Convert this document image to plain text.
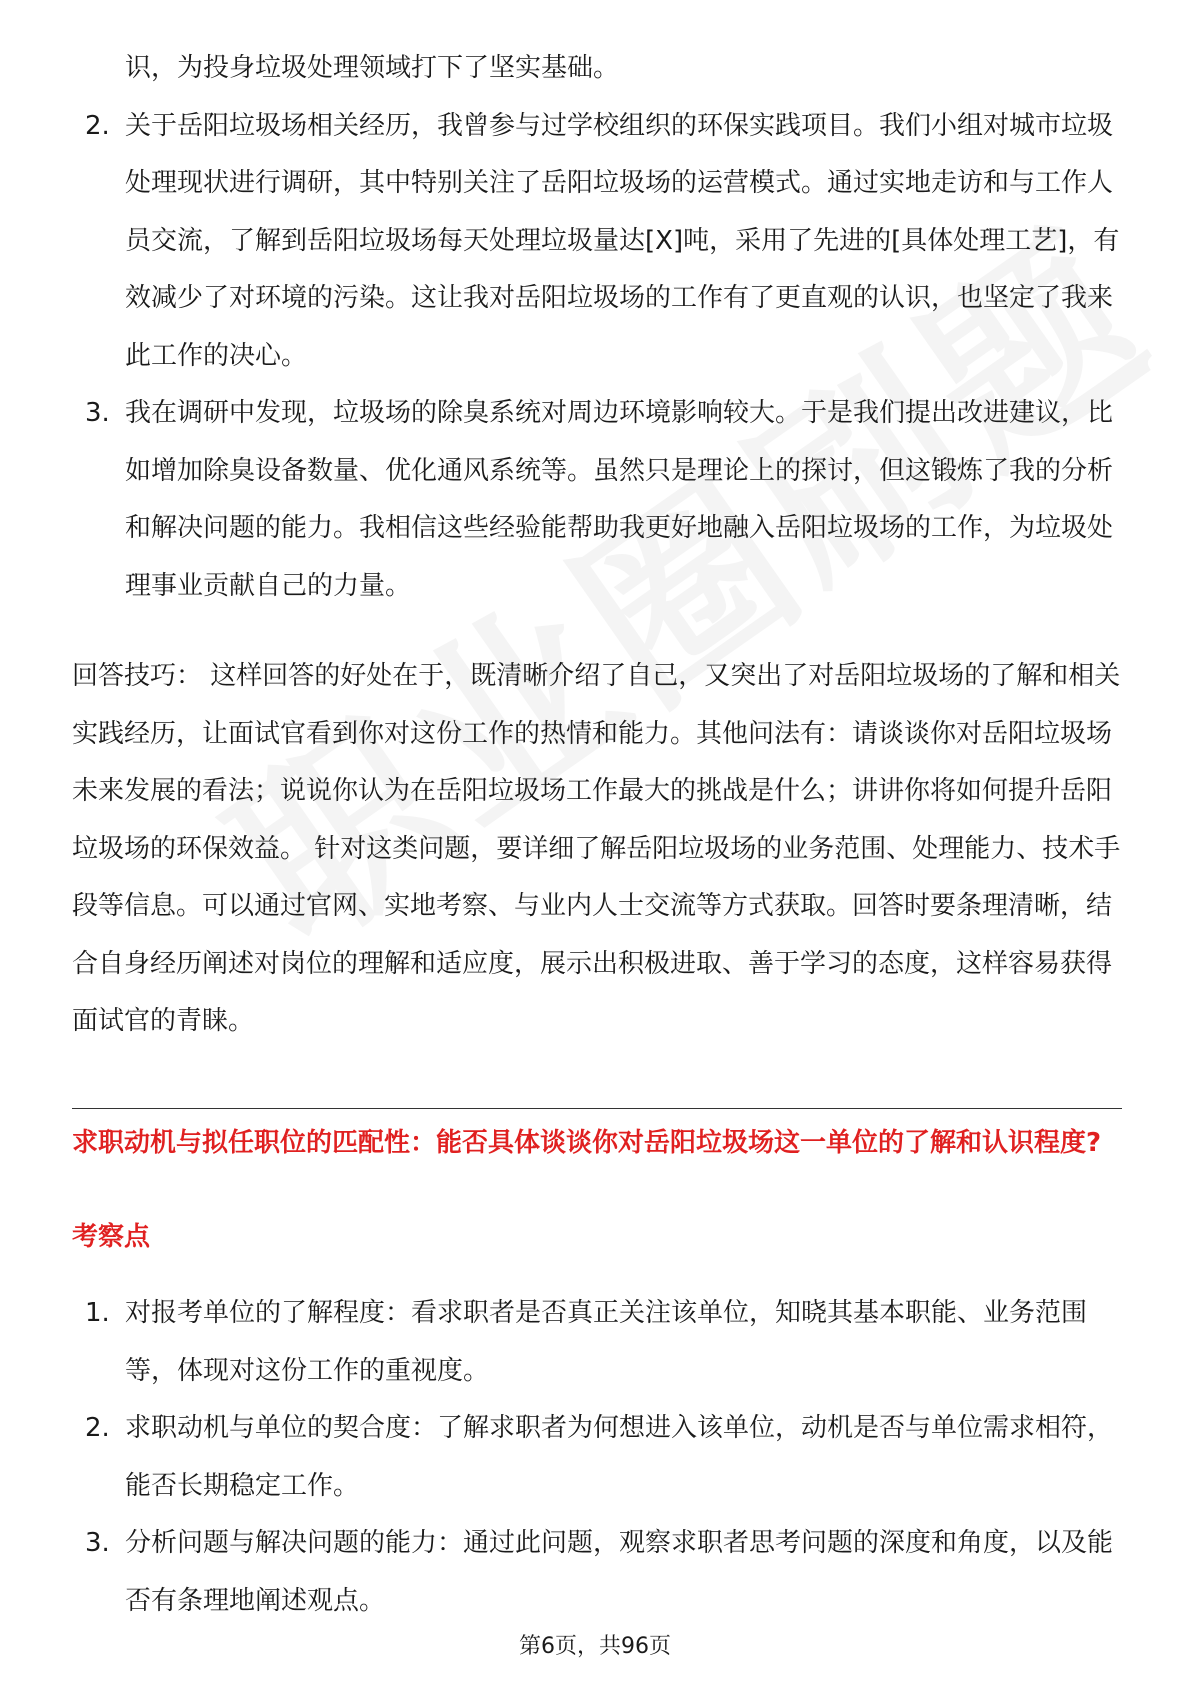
识，为投身垃圾处理领域打下了坚实基础。
2. 关于岳阳垃圾场相关经历，我曾参与过学校组织的环保实践项目。我们小组对城市垃圾处理现状进行调研，其中特别关注了岳阳垃圾场的运营模式。通过实地走访和与工作人员交流，了解到岳阳垃圾场每天处理垃圾量达[X]吨，采用了先进的[具体处理工艺]，有效减少了对环境的污染。这让我对岳阳垃圾场的工作有了更直观的认识，也坚定了我来此工作的决心。
3. 我在调研中发现，垃圾场的除臭系统对周边环境影响较大。于是我们提出改进建议，比如增加除臭设备数量、优化通风系统等。虽然只是理论上的探讨，但这锻炼了我的分析和解决问题的能力。我相信这些经验能帮助我更好地融入岳阳垃圾场的工作，为垃圾处理事业贡献自己的力量。

回答技巧： 这样回答的好处在于，既清晰介绍了自己，又突出了对岳阳垃圾场的了解和相关实践经历，让面试官看到你对这份工作的热情和能力。其他问法有：请谈谈你对岳阳垃圾场未来发展的看法；说说你认为在岳阳垃圾场工作最大的挑战是什么；讲讲你将如何提升岳阳垃圾场的环保效益。 针对这类问题，要详细了解岳阳垃圾场的业务范围、处理能力、技术手段等信息。可以通过官网、实地考察、与业内人士交流等方式获取。回答时要条理清晰，结合自身经历阐述对岗位的理解和适应度，展示出积极进取、善于学习的态度，这样容易获得面试官的青睐。

求职动机与拟任职位的匹配性：能否具体谈谈你对岳阳垃圾场这一单位的了解和认识程度?

考察点

1. 对报考单位的了解程度：看求职者是否真正关注该单位，知晓其基本职能、业务范围等，体现对这份工作的重视度。
2. 求职动机与单位的契合度：了解求职者为何想进入该单位，动机是否与单位需求相符，能否长期稳定工作。
3. 分析问题与解决问题的能力：通过此问题，观察求职者思考问题的深度和角度，以及能否有条理地阐述观点。
第6页，共96页
